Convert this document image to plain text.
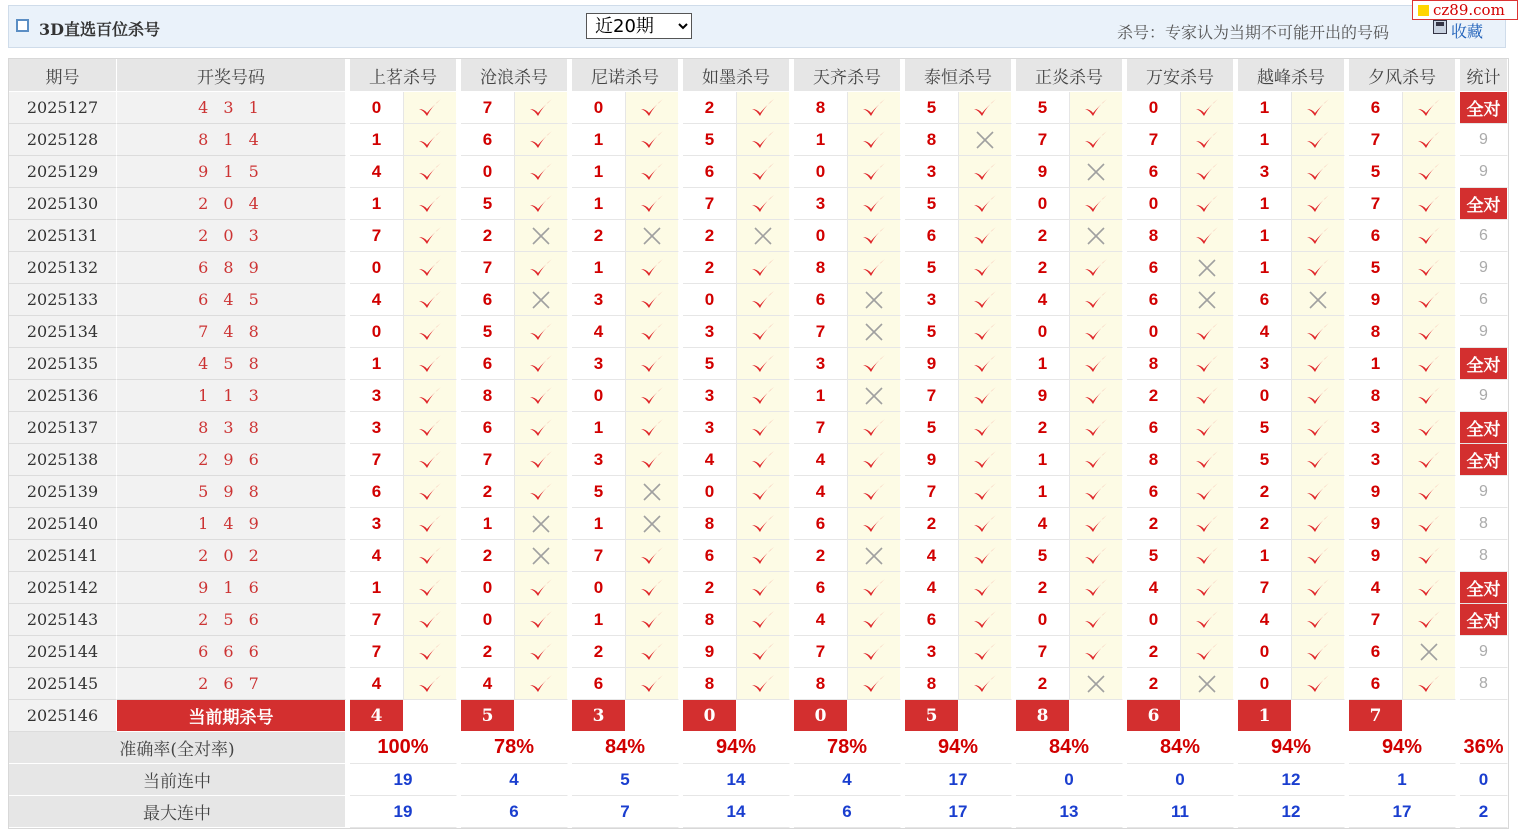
3D直选百位杀号
近20期	杀号：专家认为当期不可能开出的号码	收藏
cz89.com
期号	开奖号码		上茗杀号			沧浪杀号			尼诺杀号			如墨杀号			天齐杀号			泰恒杀号			正炎杀号			万安杀号			越峰杀号			夕风杀号			统计
2025127	4 3 1		0			7			0			2			8			5			5			0			1			6			全对
2025128	8 1 4		1			6			1			5			1			8			7			7			1			7			9
2025129	9 1 5		4			0			1			6			0			3			9			6			3			5			9
2025130	2 0 4		1			5			1			7			3			5			0			0			1			7			全对
2025131	2 0 3		7			2			2			2			0			6			2			8			1			6			6
2025132	6 8 9		0			7			1			2			8			5			2			6			1			5			9
2025133	6 4 5		4			6			3			0			6			3			4			6			6			9			6
2025134	7 4 8		0			5			4			3			7			5			0			0			4			8			9
2025135	4 5 8		1			6			3			5			3			9			1			8			3			1			全对
2025136	1 1 3		3			8			0			3			1			7			9			2			0			8			9
2025137	8 3 8		3			6			1			3			7			5			2			6			5			3			全对
2025138	2 9 6		7			7			3			4			4			9			1			8			5			3			全对
2025139	5 9 8		6			2			5			0			4			7			1			6			2			9			9
2025140	1 4 9		3			1			1			8			6			2			4			2			2			9			8
2025141	2 0 2		4			2			7			6			2			4			5			5			1			9			8
2025142	9 1 6		1			0			0			2			6			4			2			4			7			4			全对
2025143	2 5 6		7			0			1			8			4			6			0			0			4			7			全对
2025144	6 6 6		7			2			2			9			7			3			7			2			0			6			9
2025145	2 6 7		4			4			6			8			8			8			2			2			0			6			8
2025146	当前期杀号		4			5			3			0			0			5			8			6			1			7			
准确率(全对率)			100%			78%			84%			94%			78%			94%			84%			84%			94%			94%			36%
当前连中			19			4			5			14			4			17			0			0			12			1			0
最大连中			19			6			7			14			6			17			13			11			12			17			2
